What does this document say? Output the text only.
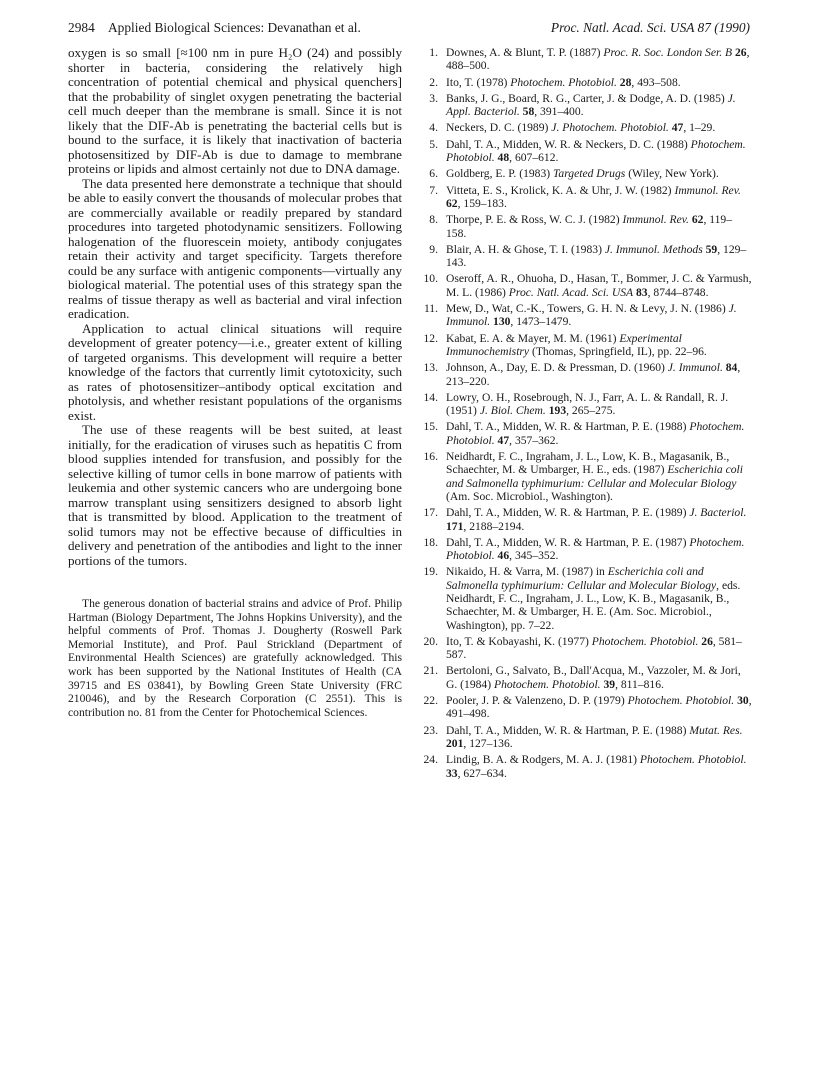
2984 Applied Biological Sciences: Devanathan et al.	Proc. Natl. Acad. Sci. USA 87 (1990)

oxygen is so small [≈100 nm in pure H₂O (24) and possibly shorter in bacteria, considering the relatively high concentration of potential chemical and physical quenchers] that the probability of singlet oxygen penetrating the bacterial cell much deeper than the membrane is small. Since it is not likely that the DIF-Ab is penetrating the bacterial cells but is bound to the surface, it is likely that inactivation of bacteria photosensitized by DIF-Ab is due to damage to membrane proteins or lipids and almost certainly not due to DNA damage.

The data presented here demonstrate a technique that should be able to easily convert the thousands of molecular probes that are commercially available or readily prepared by standard procedures into targeted photodynamic sensitizers. Following halogenation of the fluorescein moiety, antibody conjugates retain their activity and target specificity. Targets therefore could be any surface with antigenic components—virtually any biological material. The potential uses of this strategy span the realms of tissue therapy as well as bacterial and viral infection eradication.

Application to actual clinical situations will require development of greater potency—i.e., greater extent of killing of targeted organisms. This development will require a better knowledge of the factors that currently limit cytotoxicity, such as rates of photosensitizer–antibody optical excitation and photolysis, and whether resistant populations of the organisms exist.

The use of these reagents will be best suited, at least initially, for the eradication of viruses such as hepatitis C from blood supplies intended for transfusion, and possibly for the selective killing of tumor cells in bone marrow of patients with leukemia and other systemic cancers who are undergoing bone marrow transplant using sensitizers designed to absorb light that is transmitted by blood. Application to the treatment of solid tumors may not be effective because of difficulties in delivery and penetration of the antibodies and light to the inner portions of the tumors.

The generous donation of bacterial strains and advice of Prof. Philip Hartman (Biology Department, The Johns Hopkins University), and the helpful comments of Prof. Thomas J. Dougherty (Roswell Park Memorial Institute), and Prof. Paul Strickland (Department of Environmental Health Sciences) are gratefully acknowledged. This work has been supported by the National Institutes of Health (CA 39715 and ES 03841), by Bowling Green State University (FRC 210046), and by the Research Corporation (C 2551). This is contribution no. 81 from the Center for Photochemical Sciences.

1. Downes, A. & Blunt, T. P. (1887) Proc. R. Soc. London Ser. B 26, 488–500.
2. Ito, T. (1978) Photochem. Photobiol. 28, 493–508.
3. Banks, J. G., Board, R. G., Carter, J. & Dodge, A. D. (1985) J. Appl. Bacteriol. 58, 391–400.
4. Neckers, D. C. (1989) J. Photochem. Photobiol. 47, 1–29.
5. Dahl, T. A., Midden, W. R. & Neckers, D. C. (1988) Photochem. Photobiol. 48, 607–612.
6. Goldberg, E. P. (1983) Targeted Drugs (Wiley, New York).
7. Vitteta, E. S., Krolick, K. A. & Uhr, J. W. (1982) Immunol. Rev. 62, 159–183.
8. Thorpe, P. E. & Ross, W. C. J. (1982) Immunol. Rev. 62, 119–158.
9. Blair, A. H. & Ghose, T. I. (1983) J. Immunol. Methods 59, 129–143.
10. Oseroff, A. R., Ohuoha, D., Hasan, T., Bommer, J. C. & Yarmush, M. L. (1986) Proc. Natl. Acad. Sci. USA 83, 8744–8748.
11. Mew, D., Wat, C.-K., Towers, G. H. N. & Levy, J. N. (1986) J. Immunol. 130, 1473–1479.
12. Kabat, E. A. & Mayer, M. M. (1961) Experimental Immunochemistry (Thomas, Springfield, IL), pp. 22–96.
13. Johnson, A., Day, E. D. & Pressman, D. (1960) J. Immunol. 84, 213–220.
14. Lowry, O. H., Rosebrough, N. J., Farr, A. L. & Randall, R. J. (1951) J. Biol. Chem. 193, 265–275.
15. Dahl, T. A., Midden, W. R. & Hartman, P. E. (1988) Photochem. Photobiol. 47, 357–362.
16. Neidhardt, F. C., Ingraham, J. L., Low, K. B., Magasanik, B., Schaechter, M. & Umbarger, H. E., eds. (1987) Escherichia coli and Salmonella typhimurium: Cellular and Molecular Biology (Am. Soc. Microbiol., Washington).
17. Dahl, T. A., Midden, W. R. & Hartman, P. E. (1989) J. Bacteriol. 171, 2188–2194.
18. Dahl, T. A., Midden, W. R. & Hartman, P. E. (1987) Photochem. Photobiol. 46, 345–352.
19. Nikaido, H. & Varra, M. (1987) in Escherichia coli and Salmonella typhimurium: Cellular and Molecular Biology, eds. Neidhardt, F. C., Ingraham, J. L., Low, K. B., Magasanik, B., Schaechter, M. & Umbarger, H. E. (Am. Soc. Microbiol., Washington), pp. 7–22.
20. Ito, T. & Kobayashi, K. (1977) Photochem. Photobiol. 26, 581–587.
21. Bertoloni, G., Salvato, B., Dall'Acqua, M., Vazzoler, M. & Jori, G. (1984) Photochem. Photobiol. 39, 811–816.
22. Pooler, J. P. & Valenzeno, D. P. (1979) Photochem. Photobiol. 30, 491–498.
23. Dahl, T. A., Midden, W. R. & Hartman, P. E. (1988) Mutat. Res. 201, 127–136.
24. Lindig, B. A. & Rodgers, M. A. J. (1981) Photochem. Photobiol. 33, 627–634.
